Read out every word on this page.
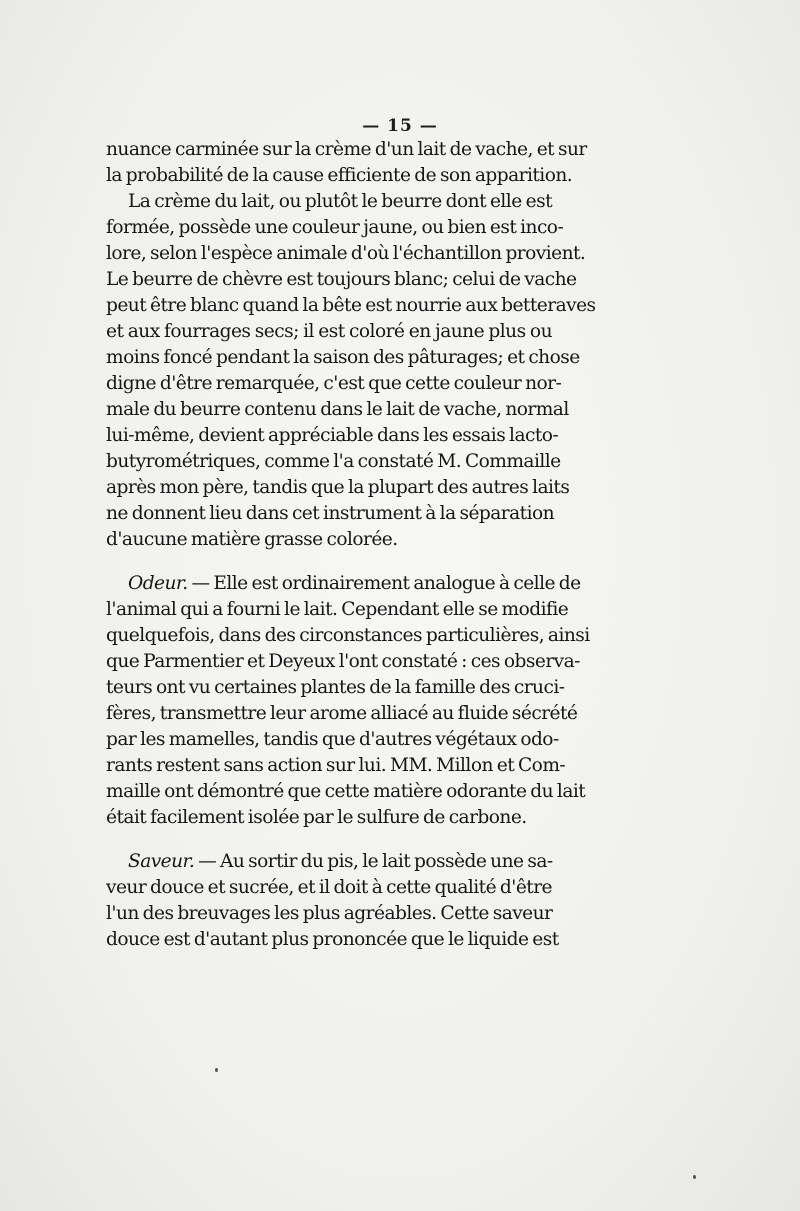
— 15 —
nuance carminée sur la crème d'un lait de vache, et sur
la probabilité de la cause efficiente de son apparition.
La crème du lait, ou plutôt le beurre dont elle est
formée, possède une couleur jaune, ou bien est inco-
lore, selon l'espèce animale d'où l'échantillon provient.
Le beurre de chèvre est toujours blanc; celui de vache
peut être blanc quand la bête est nourrie aux betteraves
et aux fourrages secs; il est coloré en jaune plus ou
moins foncé pendant la saison des pâturages; et chose
digne d'être remarquée, c'est que cette couleur nor-
male du beurre contenu dans le lait de vache, normal
lui-même, devient appréciable dans les essais lacto-
butyrométriques, comme l'a constaté M. Commaille
après mon père, tandis que la plupart des autres laits
ne donnent lieu dans cet instrument à la séparation
d'aucune matière grasse colorée.
Odeur. — Elle est ordinairement analogue à celle de
l'animal qui a fourni le lait. Cependant elle se modifie
quelquefois, dans des circonstances particulières, ainsi
que Parmentier et Deyeux l'ont constaté : ces observa-
teurs ont vu certaines plantes de la famille des cruci-
fères, transmettre leur arome alliacé au fluide sécrété
par les mamelles, tandis que d'autres végétaux odo-
rants restent sans action sur lui. MM. Millon et Com-
maille ont démontré que cette matière odorante du lait
était facilement isolée par le sulfure de carbone.
Saveur. — Au sortir du pis, le lait possède une sa-
veur douce et sucrée, et il doit à cette qualité d'être
l'un des breuvages les plus agréables. Cette saveur
douce est d'autant plus prononcée que le liquide est
